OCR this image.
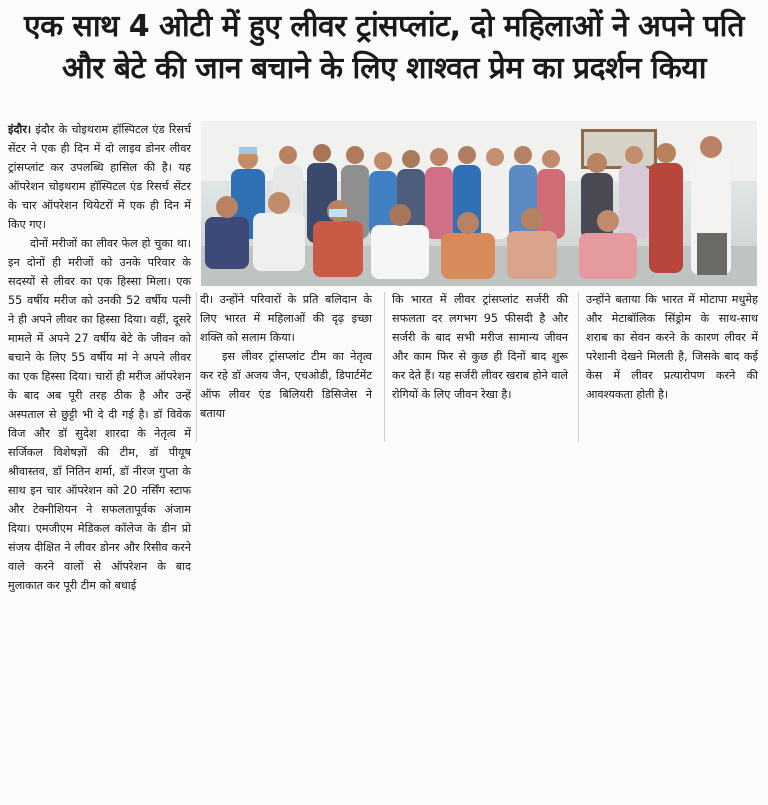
एक साथ 4 ओटी में हुए लीवर ट्रांसप्लांट, दो महिलाओं ने अपने पति
और बेटे की जान बचाने के लिए शाश्वत प्रेम का प्रदर्शन किया

इंदौर। इंदौर के चोइथराम हॉस्पिटल एंड रिसर्च सेंटर ने एक ही दिन में दो लाइव डोनर लीवर ट्रांसप्लांट कर उपलब्धि हासिल की है। यह ऑपरेशन चोइथराम हॉस्पिटल एंड रिसर्च सेंटर के चार ऑपरेशन थियेटरों में एक ही दिन में किए गए।

दोनों मरीजों का लीवर फेल हो चुका था। इन दोनों ही मरीजों को उनके परिवार के सदस्यों से लीवर का एक हिस्सा मिला। एक 55 वर्षीय मरीज को उनकी 52 वर्षीय पत्नी ने ही अपने लीवर का हिस्सा दिया। वहीं, दूसरे मामले में अपने 27 वर्षीय बेटे के जीवन को बचाने के लिए 55 वर्षीय मां ने अपने लीवर का एक हिस्सा दिया। चारों ही मरीज ऑपरेशन के बाद अब पूरी तरह ठीक है और उन्हें अस्पताल से छुट्टी भी दे दी गई है। डॉ विवेक विज और डॉ सुदेश शारदा के नेतृत्व में सर्जिकल विशेषज्ञों की टीम, डॉ पीयूष श्रीवास्तव, डॉ नितिन शर्मा, डॉ नीरज गुप्ता के साथ इन चार ऑपरेशन को 20 नर्सिंग स्टाफ और टेक्नीशियन ने सफलतापूर्वक अंजाम दिया। एमजीएम मेडिकल कॉलेज के डीन प्रो संजय दीक्षित ने लीवर डोनर और रिसीव करने वाले करने वालों से ऑपरेशन के बाद मुलाकात कर पूरी टीम को बधाई

दी। उन्होंने परिवारों के प्रति बलिदान के लिए भारत में महिलाओं की दृढ़ इच्छा शक्ति को सलाम किया।

इस लीवर ट्रांसप्लांट टीम का नेतृत्व कर रहे डॉ अजय जैन, एचओडी, डिपार्टमेंट ऑफ लीवर एंड बिलियरी डिसिजेस ने बताया

कि भारत में लीवर ट्रांसप्लांट सर्जरी की सफलता दर लगभग 95 फीसदी है और सर्जरी के बाद सभी मरीज सामान्य जीवन और काम फिर से कुछ ही दिनों बाद शुरू कर देते हैं। यह सर्जरी लीवर खराब होने वाले रोगियों के लिए जीवन रेखा है।

उन्होंने बताया कि भारत में मोटापा मधुमेह और मेटाबॉलिक सिंड्रोम के साथ-साथ शराब का सेवन करने के कारण लीवर में परेशानी देखने मिलती है, जिसके बाद कई केस में लीवर प्रत्यारोपण करने की आवश्यकता होती है।
